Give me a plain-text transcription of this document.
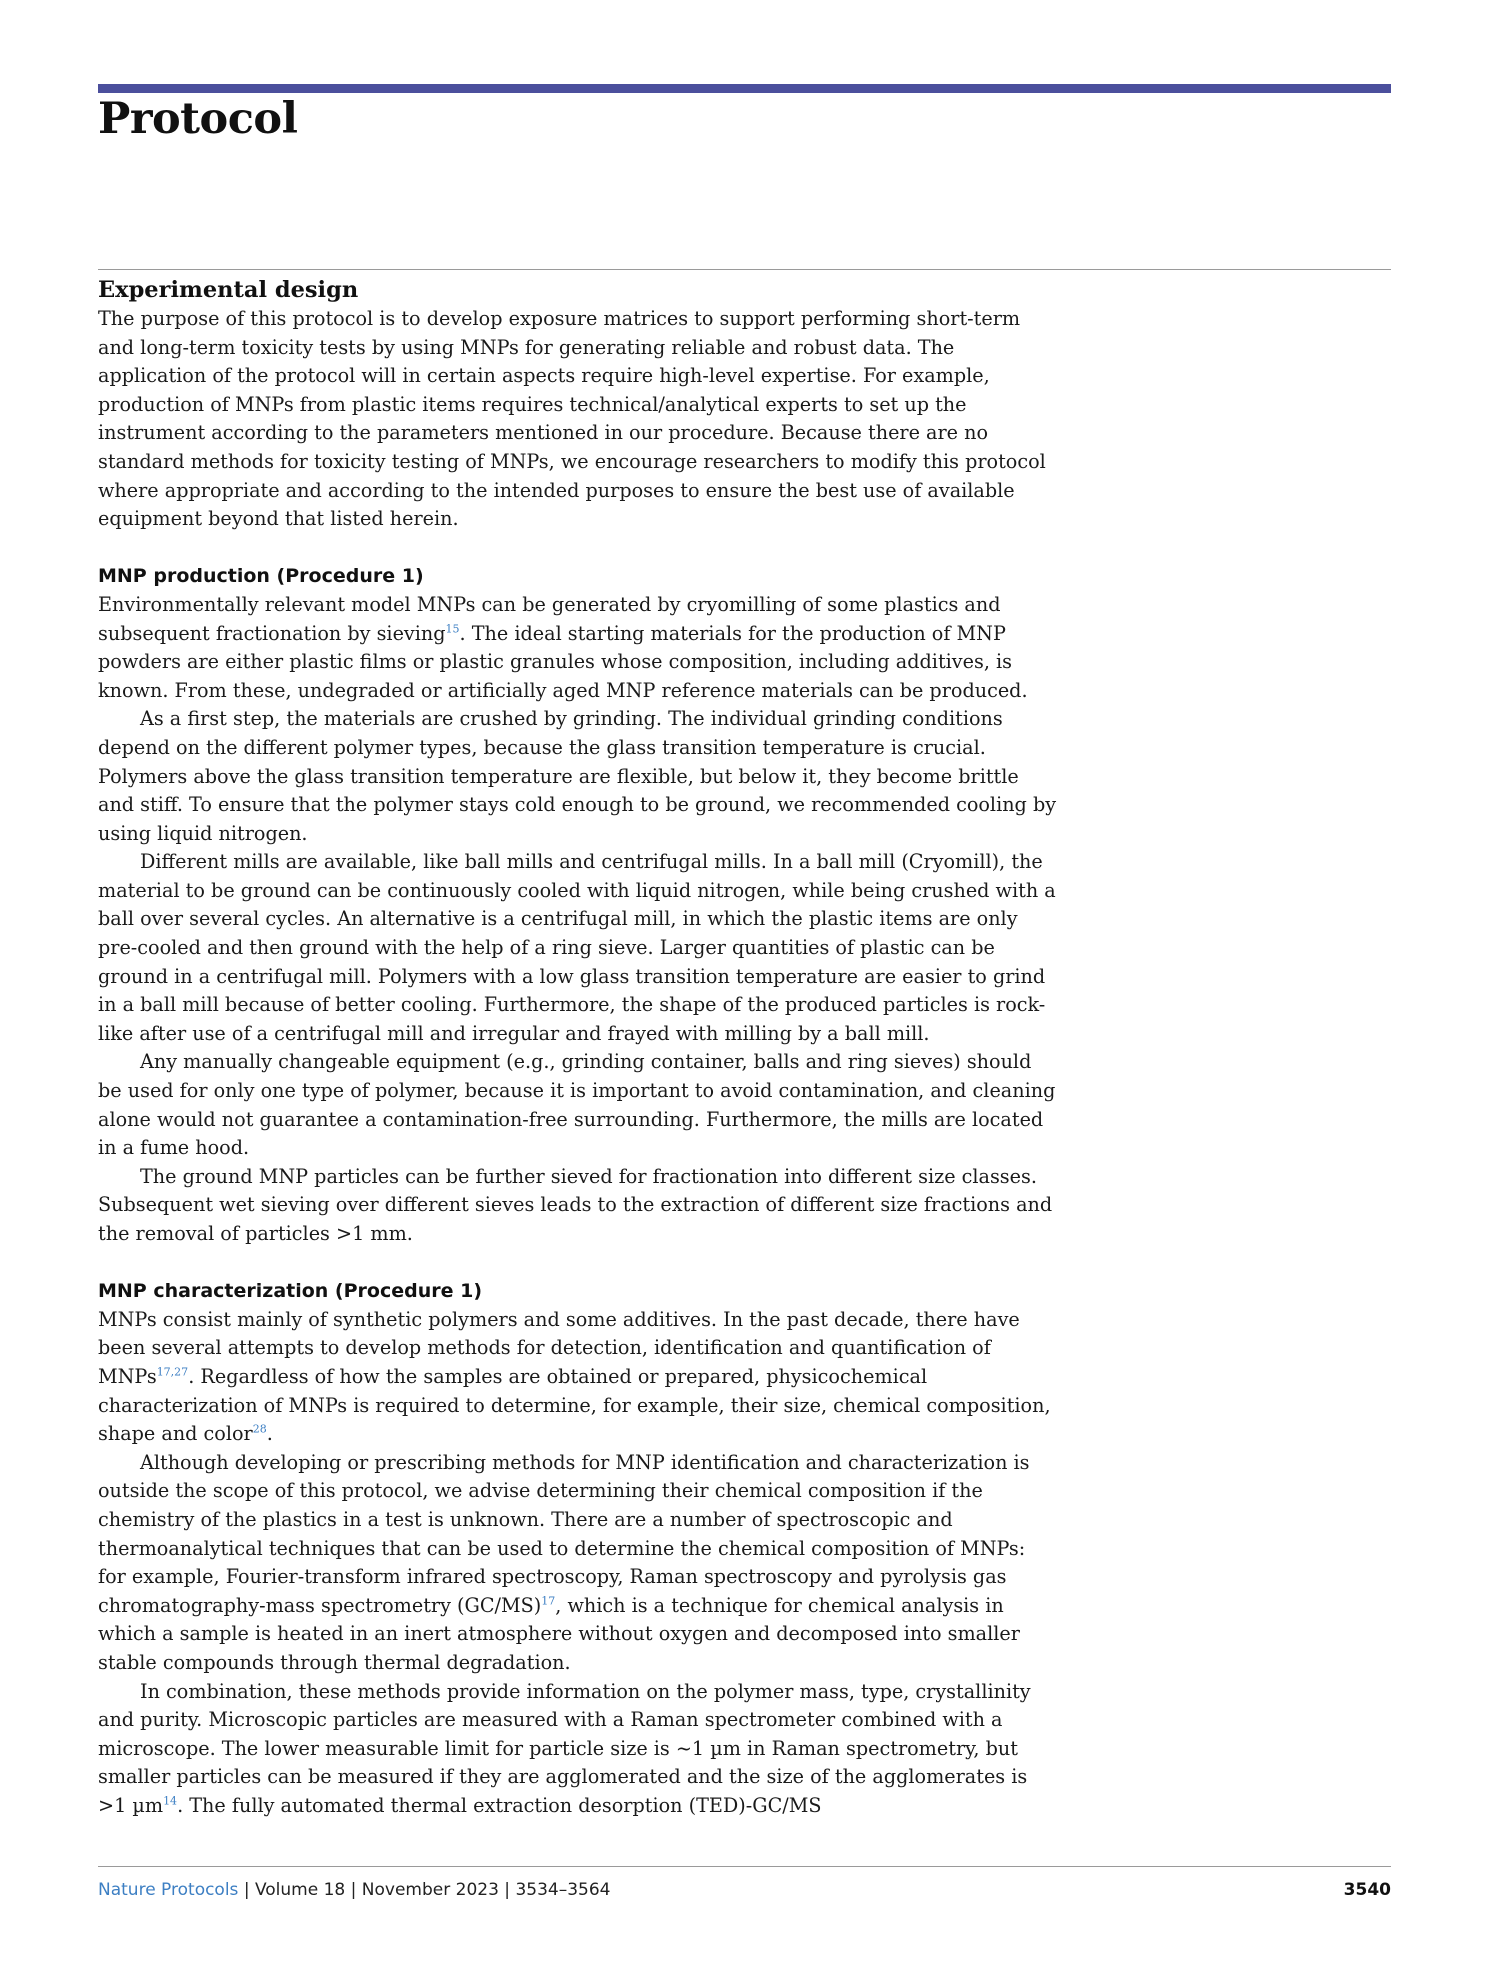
Protocol
Experimental design

The purpose of this protocol is to develop exposure matrices to support performing short-term and long-term toxicity tests by using MNPs for generating reliable and robust data. The application of the protocol will in certain aspects require high-level expertise. For example, production of MNPs from plastic items requires technical/analytical experts to set up the instrument according to the parameters mentioned in our procedure. Because there are no standard methods for toxicity testing of MNPs, we encourage researchers to modify this protocol where appropriate and according to the intended purposes to ensure the best use of available equipment beyond that listed herein.

MNP production (Procedure 1)

Environmentally relevant model MNPs can be generated by cryomilling of some plastics and subsequent fractionation by sieving$^{15}$. The ideal starting materials for the production of MNP powders are either plastic films or plastic granules whose composition, including additives, is known. From these, undegraded or artificially aged MNP reference materials can be produced.

As a first step, the materials are crushed by grinding. The individual grinding conditions depend on the different polymer types, because the glass transition temperature is crucial. Polymers above the glass transition temperature are flexible, but below it, they become brittle and stiff. To ensure that the polymer stays cold enough to be ground, we recommended cooling by using liquid nitrogen.

Different mills are available, like ball mills and centrifugal mills. In a ball mill (Cryomill), the material to be ground can be continuously cooled with liquid nitrogen, while being crushed with a ball over several cycles. An alternative is a centrifugal mill, in which the plastic items are only pre-cooled and then ground with the help of a ring sieve. Larger quantities of plastic can be ground in a centrifugal mill. Polymers with a low glass transition temperature are easier to grind in a ball mill because of better cooling. Furthermore, the shape of the produced particles is rock-like after use of a centrifugal mill and irregular and frayed with milling by a ball mill.

Any manually changeable equipment (e.g., grinding container, balls and ring sieves) should be used for only one type of polymer, because it is important to avoid contamination, and cleaning alone would not guarantee a contamination-free surrounding. Furthermore, the mills are located in a fume hood.

The ground MNP particles can be further sieved for fractionation into different size classes. Subsequent wet sieving over different sieves leads to the extraction of different size fractions and the removal of particles >1 mm.

MNP characterization (Procedure 1)

MNPs consist mainly of synthetic polymers and some additives. In the past decade, there have been several attempts to develop methods for detection, identification and quantification of MNPs$^{17,27}$. Regardless of how the samples are obtained or prepared, physicochemical characterization of MNPs is required to determine, for example, their size, chemical composition, shape and color$^{28}$.

Although developing or prescribing methods for MNP identification and characterization is outside the scope of this protocol, we advise determining their chemical composition if the chemistry of the plastics in a test is unknown. There are a number of spectroscopic and thermoanalytical techniques that can be used to determine the chemical composition of MNPs: for example, Fourier-transform infrared spectroscopy, Raman spectroscopy and pyrolysis gas chromatography-mass spectrometry (GC/MS)$^{17}$, which is a technique for chemical analysis in which a sample is heated in an inert atmosphere without oxygen and decomposed into smaller stable compounds through thermal degradation.

In combination, these methods provide information on the polymer mass, type, crystallinity and purity. Microscopic particles are measured with a Raman spectrometer combined with a microscope. The lower measurable limit for particle size is ~1 µm in Raman spectrometry, but smaller particles can be measured if they are agglomerated and the size of the agglomerates is >1 µm$^{14}$. The fully automated thermal extraction desorption (TED)-GC/MS

Nature Protocols | Volume 18 | November 2023 | 3534–3564	3540
